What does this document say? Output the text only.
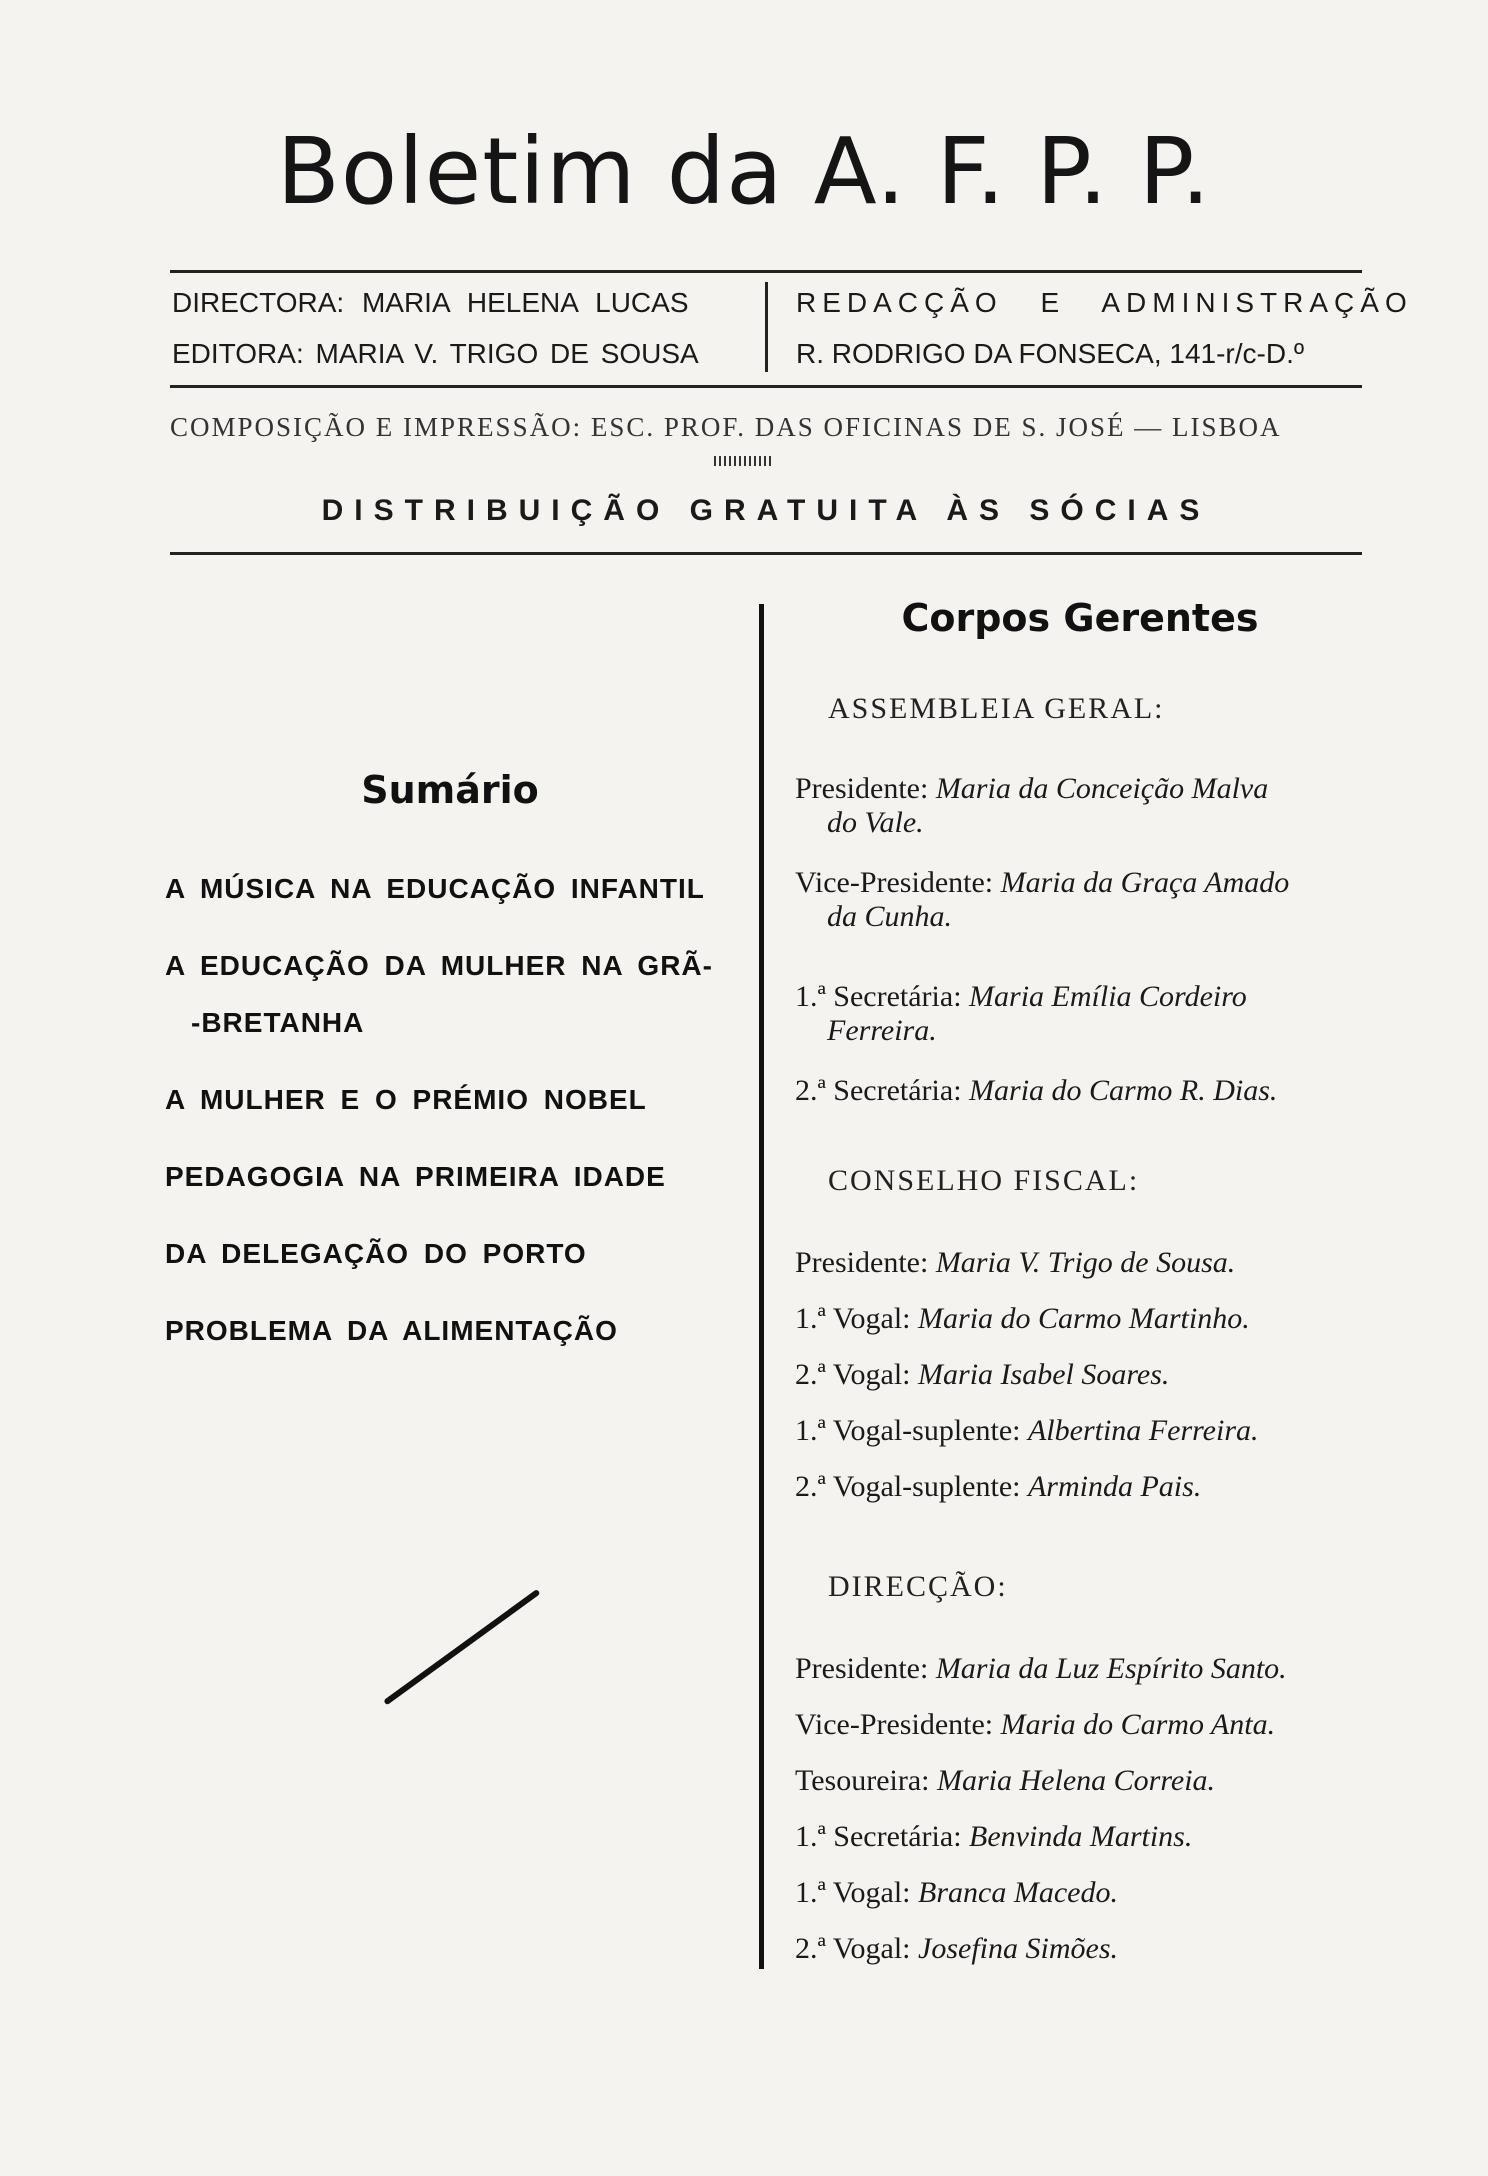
Boletim da A. F. P. P.
DIRECTORA: MARIA HELENA LUCAS
EDITORA: MARIA V. TRIGO DE SOUSA
REDACÇÃO E ADMINISTRAÇÃO
R. RODRIGO DA FONSECA, 141-r/c-D.º
COMPOSIÇÃO E IMPRESSÃO: ESC. PROF. DAS OFICINAS DE S. JOSÉ — LISBOA
DISTRIBUIÇÃO GRATUITA ÀS SÓCIAS
Sumário
A MÚSICA NA EDUCAÇÃO INFANTIL
A EDUCAÇÃO DA MULHER NA GRÃ-
-BRETANHA
A MULHER E O PRÉMIO NOBEL
PEDAGOGIA NA PRIMEIRA IDADE
DA DELEGAÇÃO DO PORTO
PROBLEMA DA ALIMENTAÇÃO
Corpos Gerentes
ASSEMBLEIA GERAL:
Presidente: Maria da Conceição Malva
do Vale.
Vice-Presidente: Maria da Graça Amado
da Cunha.
1.ª Secretária: Maria Emília Cordeiro
Ferreira.
2.ª Secretária: Maria do Carmo R. Dias.
CONSELHO FISCAL:
Presidente: Maria V. Trigo de Sousa.
1.ª Vogal: Maria do Carmo Martinho.
2.ª Vogal: Maria Isabel Soares.
1.ª Vogal-suplente: Albertina Ferreira.
2.ª Vogal-suplente: Arminda Pais.
DIRECÇÃO:
Presidente: Maria da Luz Espírito Santo.
Vice-Presidente: Maria do Carmo Anta.
Tesoureira: Maria Helena Correia.
1.ª Secretária: Benvinda Martins.
1.ª Vogal: Branca Macedo.
2.ª Vogal: Josefina Simões.
